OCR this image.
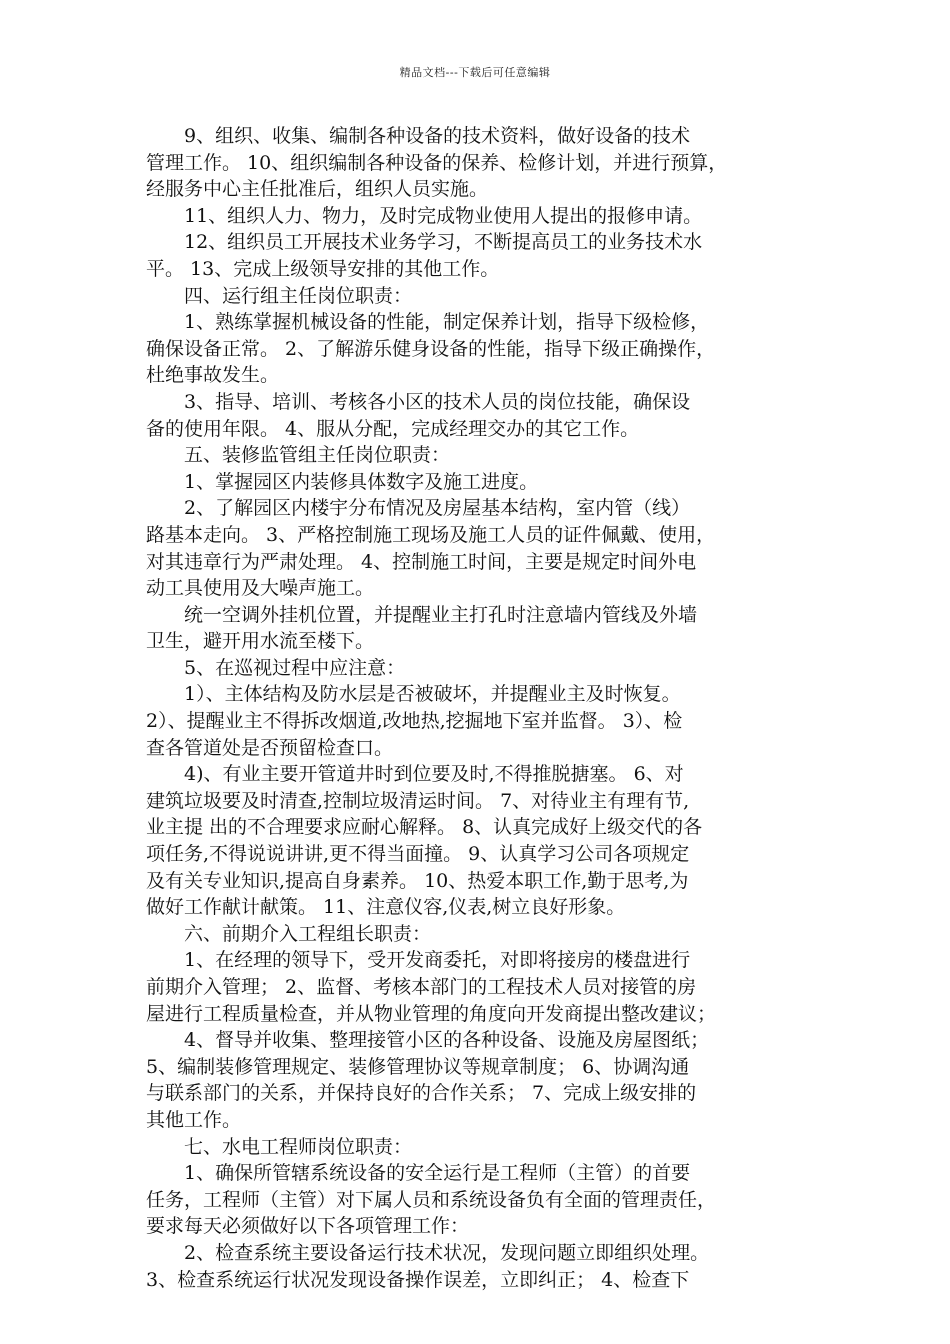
精品文档---下载后可任意编辑

　　9、组织、收集、编制各种设备的技术资料，做好设备的技术

管理工作。 10、组织编制各种设备的保养、检修计划，并进行预算，

经服务中心主任批准后，组织人员实施。

　　11、组织人力、物力，及时完成物业使用人提出的报修申请。

　　12、组织员工开展技术业务学习，不断提高员工的业务技术水

平。 13、完成上级领导安排的其他工作。

　　四、运行组主任岗位职责：

　　1、熟练掌握机械设备的性能，制定保养计划，指导下级检修，

确保设备正常。 2、了解游乐健身设备的性能，指导下级正确操作，

杜绝事故发生。

　　3、指导、培训、考核各小区的技术人员的岗位技能，确保设

备的使用年限。 4、服从分配，完成经理交办的其它工作。

　　五、装修监管组主任岗位职责：

　　1、掌握园区内装修具体数字及施工进度。

　　2、了解园区内楼宇分布情况及房屋基本结构，室内管（线）

路基本走向。 3、严格控制施工现场及施工人员的证件佩戴、使用，

对其违章行为严肃处理。 4、控制施工时间，主要是规定时间外电

动工具使用及大噪声施工。

　　统一空调外挂机位置，并提醒业主打孔时注意墙内管线及外墙

卫生，避开用水流至楼下。

　　5、在巡视过程中应注意：

　　1）、主体结构及防水层是否被破坏，并提醒业主及时恢复。

2）、提醒业主不得拆改烟道,改地热,挖掘地下室并监督。 3）、检

查各管道处是否预留检查口。

　　4)、有业主要开管道井时到位要及时,不得推脱搪塞。 6、对

建筑垃圾要及时清查,控制垃圾清运时间。 7、对待业主有理有节,

业主提 出的不合理要求应耐心解释。 8、认真完成好上级交代的各

项任务,不得说说讲讲,更不得当面撞。 9、认真学习公司各项规定

及有关专业知识,提高自身素养。 10、热爱本职工作,勤于思考,为

做好工作献计献策。 11、注意仪容,仪表,树立良好形象。

　　六、前期介入工程组长职责：

　　1、在经理的领导下，受开发商委托，对即将接房的楼盘进行

前期介入管理； 2、监督、考核本部门的工程技术人员对接管的房

屋进行工程质量检查，并从物业管理的角度向开发商提出整改建议；

　　4、督导并收集、整理接管小区的各种设备、设施及房屋图纸；

5、编制装修管理规定、装修管理协议等规章制度； 6、协调沟通

与联系部门的关系，并保持良好的合作关系； 7、完成上级安排的

其他工作。

　　七、水电工程师岗位职责：

　　1、确保所管辖系统设备的安全运行是工程师（主管）的首要

任务，工程师（主管）对下属人员和系统设备负有全面的管理责任，

要求每天必须做好以下各项管理工作：

　　2、检查系统主要设备运行技术状况，发现问题立即组织处理。

3、检查系统运行状况发现设备操作误差，立即纠正； 4、检查下
